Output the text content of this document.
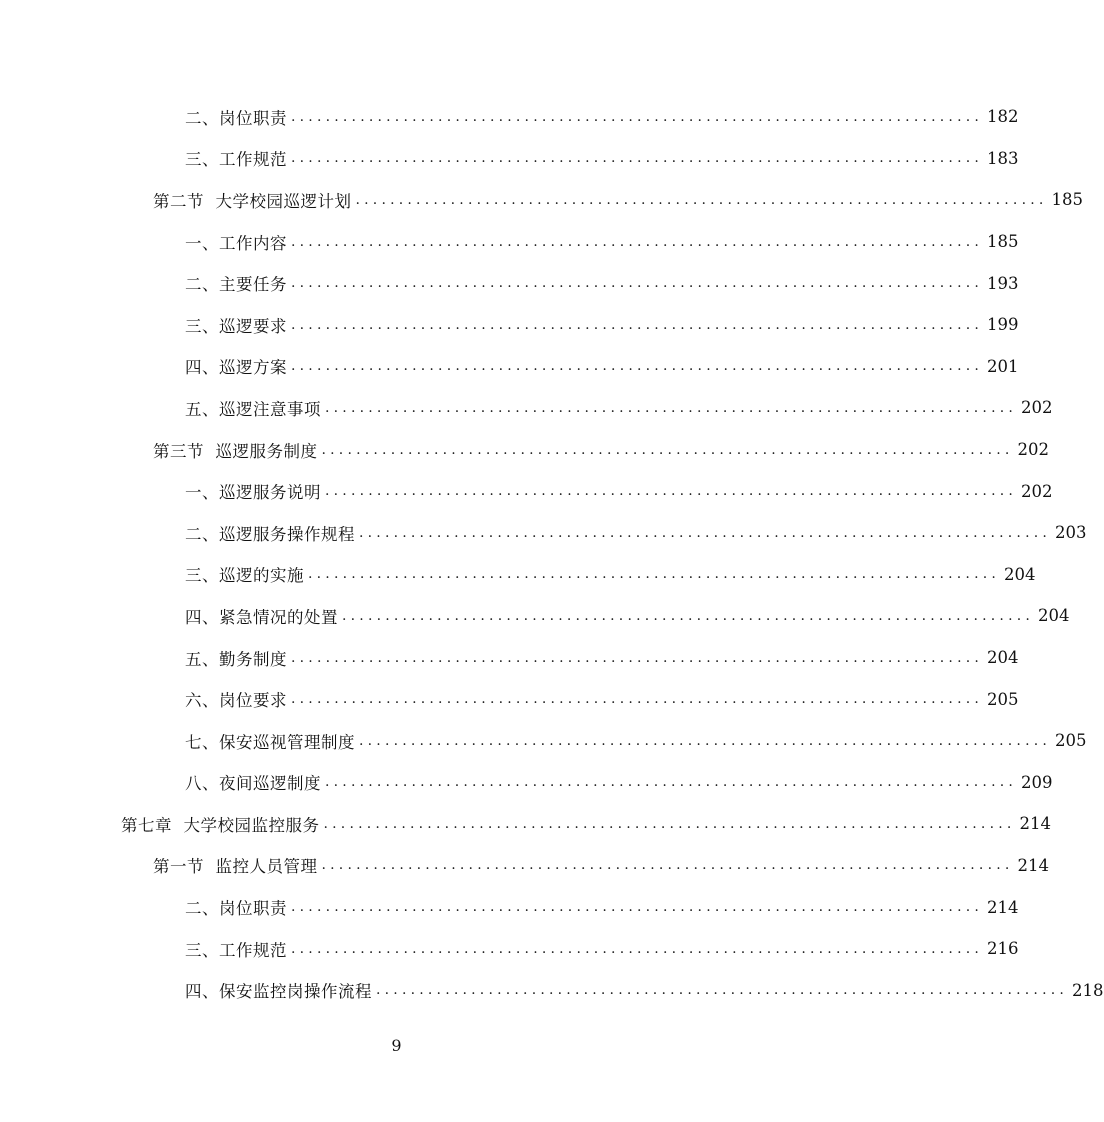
二、岗位职责 ................................................................................ 182
三、工作规范 ................................................................................ 183
第二节  大学校园巡逻计划 ................................................................................ 185
一、工作内容 ................................................................................ 185
二、主要任务 ................................................................................ 193
三、巡逻要求 ................................................................................ 199
四、巡逻方案 ................................................................................ 201
五、巡逻注意事项 ................................................................................ 202
第三节  巡逻服务制度 ................................................................................ 202
一、巡逻服务说明 ................................................................................ 202
二、巡逻服务操作规程 ................................................................................ 203
三、巡逻的实施 ................................................................................ 204
四、紧急情况的处置 ................................................................................ 204
五、勤务制度 ................................................................................ 204
六、岗位要求 ................................................................................ 205
七、保安巡视管理制度 ................................................................................ 205
八、夜间巡逻制度 ................................................................................ 209
第七章  大学校园监控服务 ................................................................................ 214
第一节  监控人员管理 ................................................................................ 214
二、岗位职责 ................................................................................ 214
三、工作规范 ................................................................................ 216
四、保安监控岗操作流程 ................................................................................ 218
9
